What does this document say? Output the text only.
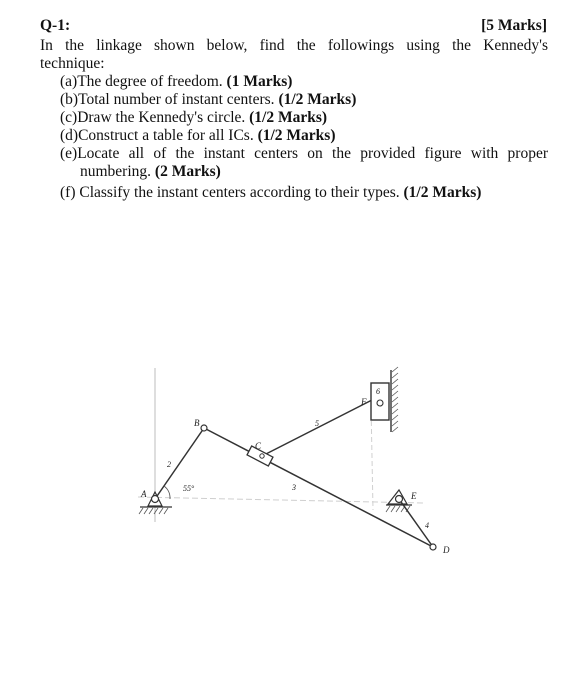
Q-1:	[5 Marks]
In the linkage shown below, find the followings using the Kennedy's
technique:
(a)The degree of freedom. (1 Marks)
(b)Total number of instant centers. (1/2 Marks)
(c)Draw the Kennedy's circle. (1/2 Marks)
(d)Construct a table for all ICs. (1/2 Marks)
(e)Locate all of the instant centers on the provided figure with proper
numbering. (2 Marks)
(f) Classify the instant centers according to their types. (1/2 Marks)
A
B
C
D
E
F
2
3
4
5
6
55°
